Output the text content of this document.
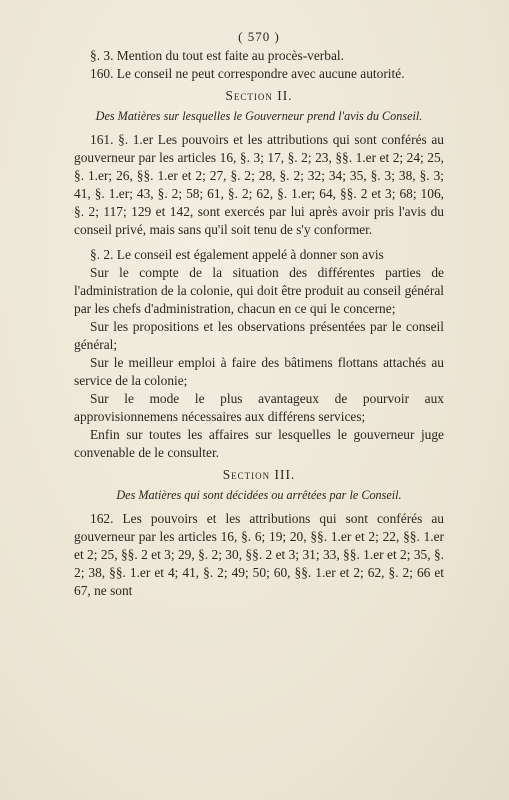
( 570 )

§. 3. Mention du tout est faite au procès-verbal.

160. Le conseil ne peut correspondre avec aucune autorité.

Section II.
Des Matières sur lesquelles le Gouverneur prend l'avis du Conseil.

161. §. 1.er Les pouvoirs et les attributions qui sont conférés au gouverneur par les articles 16, §. 3; 17, §. 2; 23, §§. 1.er et 2; 24; 25, §. 1.er; 26, §§. 1.er et 2; 27, §. 2; 28, §. 2; 32; 34; 35, §. 3; 38, §. 3; 41, §. 1.er; 43, §. 2; 58; 61, §. 2; 62, §. 1.er; 64, §§. 2 et 3; 68; 106, §. 2; 117; 129 et 142, sont exercés par lui après avoir pris l'avis du conseil privé, mais sans qu'il soit tenu de s'y conformer.

§. 2. Le conseil est également appelé à donner son avis

Sur le compte de la situation des différentes parties de l'administration de la colonie, qui doit être produit au conseil général par les chefs d'administration, chacun en ce qui le concerne;

Sur les propositions et les observations présentées par le conseil général;

Sur le meilleur emploi à faire des bâtimens flottans attachés au service de la colonie;

Sur le mode le plus avantageux de pourvoir aux approvisionnemens nécessaires aux différens services;

Enfin sur toutes les affaires sur lesquelles le gouverneur juge convenable de le consulter.

Section III.
Des Matières qui sont décidées ou arrêtées par le Conseil.

162. Les pouvoirs et les attributions qui sont conférés au gouverneur par les articles 16, §. 6; 19; 20, §§. 1.er et 2; 22, §§. 1.er et 2; 25, §§. 2 et 3; 29, §. 2; 30, §§. 2 et 3; 31; 33, §§. 1.er et 2; 35, §. 2; 38, §§. 1.er et 4; 41, §. 2; 49; 50; 60, §§. 1.er et 2; 62, §. 2; 66 et 67, ne sont
